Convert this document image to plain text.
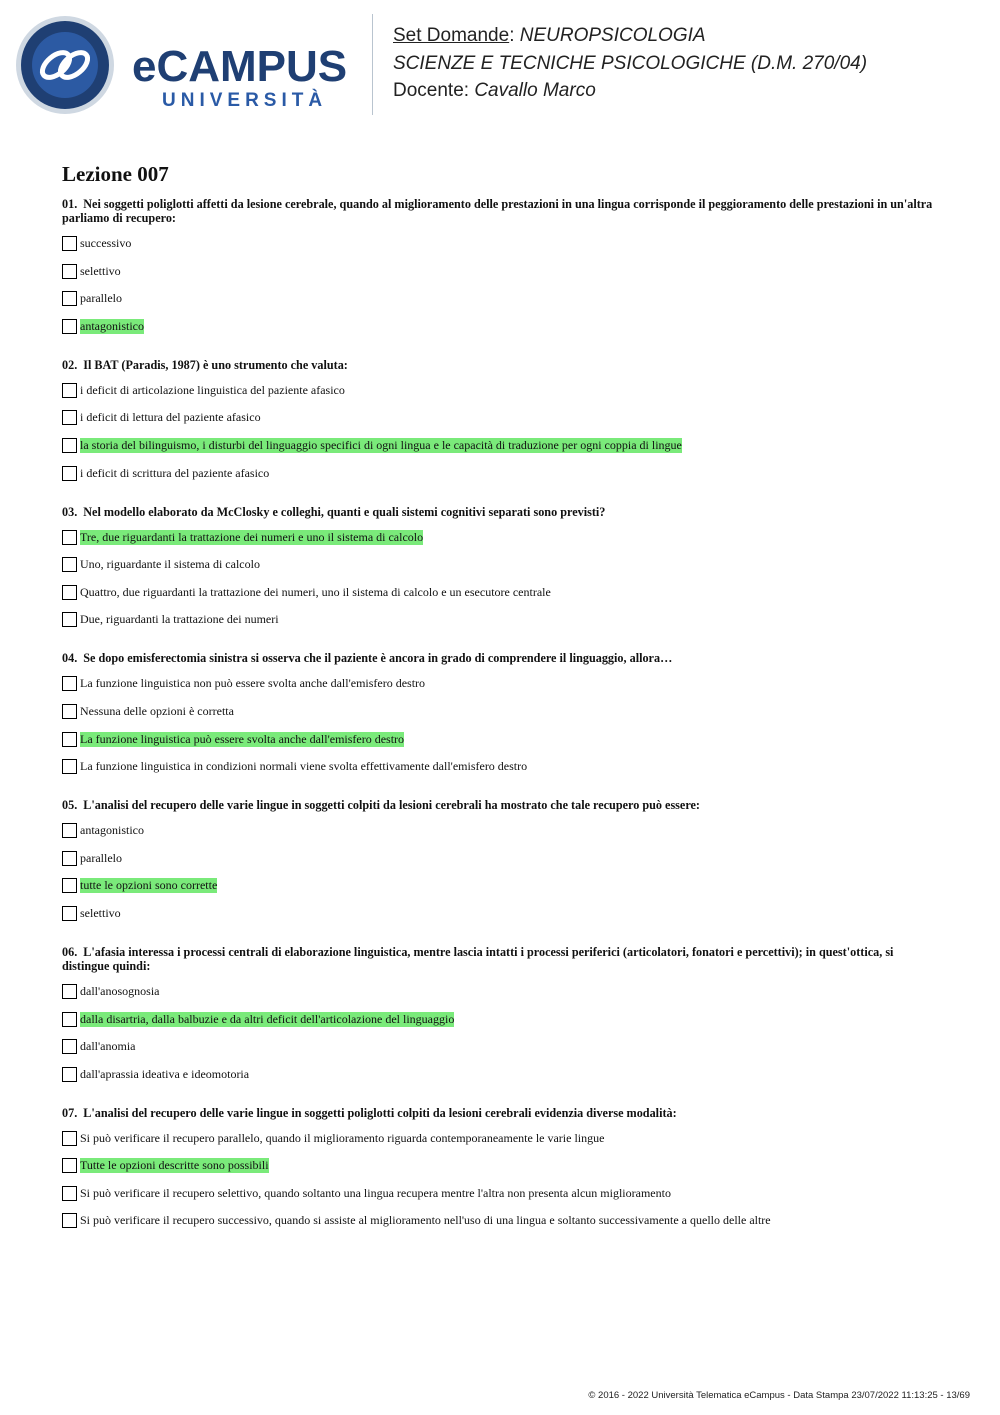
eCAMPUS
UNIVERSITÀ
Set Domande: NEUROPSICOLOGIA
SCIENZE E TECNICHE PSICOLOGICHE (D.M. 270/04)
Docente: Cavallo Marco
Lezione 007
01. Nei soggetti poliglotti affetti da lesione cerebrale, quando al miglioramento delle prestazioni in una lingua corrisponde il peggioramento delle prestazioni in un'altra parliamo di recupero:
successivo
selettivo
parallelo
antagonistico
02. Il BAT (Paradis, 1987) è uno strumento che valuta:
i deficit di articolazione linguistica del paziente afasico
i deficit di lettura del paziente afasico
la storia del bilinguismo, i disturbi del linguaggio specifici di ogni lingua e le capacità di traduzione per ogni coppia di lingue
i deficit di scrittura del paziente afasico
03. Nel modello elaborato da McClosky e colleghi, quanti e quali sistemi cognitivi separati sono previsti?
Tre, due riguardanti la trattazione dei numeri e uno il sistema di calcolo
Uno, riguardante il sistema di calcolo
Quattro, due riguardanti la trattazione dei numeri, uno il sistema di calcolo e un esecutore centrale
Due, riguardanti la trattazione dei numeri
04. Se dopo emisferectomia sinistra si osserva che il paziente è ancora in grado di comprendere il linguaggio, allora…
La funzione linguistica non può essere svolta anche dall'emisfero destro
Nessuna delle opzioni è corretta
La funzione linguistica può essere svolta anche dall'emisfero destro
La funzione linguistica in condizioni normali viene svolta effettivamente dall'emisfero destro
05. L'analisi del recupero delle varie lingue in soggetti colpiti da lesioni cerebrali ha mostrato che tale recupero può essere:
antagonistico
parallelo
tutte le opzioni sono corrette
selettivo
06. L'afasia interessa i processi centrali di elaborazione linguistica, mentre lascia intatti i processi periferici (articolatori, fonatori e percettivi); in quest'ottica, si distingue quindi:
dall'anosognosia
dalla disartria, dalla balbuzie e da altri deficit dell'articolazione del linguaggio
dall'anomia
dall'aprassia ideativa e ideomotoria
07. L'analisi del recupero delle varie lingue in soggetti poliglotti colpiti da lesioni cerebrali evidenzia diverse modalità:
Si può verificare il recupero parallelo, quando il miglioramento riguarda contemporaneamente le varie lingue
Tutte le opzioni descritte sono possibili
Si può verificare il recupero selettivo, quando soltanto una lingua recupera mentre l'altra non presenta alcun miglioramento
Si può verificare il recupero successivo, quando si assiste al miglioramento nell'uso di una lingua e soltanto successivamente a quello delle altre
© 2016 - 2022 Università Telematica eCampus - Data Stampa 23/07/2022 11:13:25 - 13/69
